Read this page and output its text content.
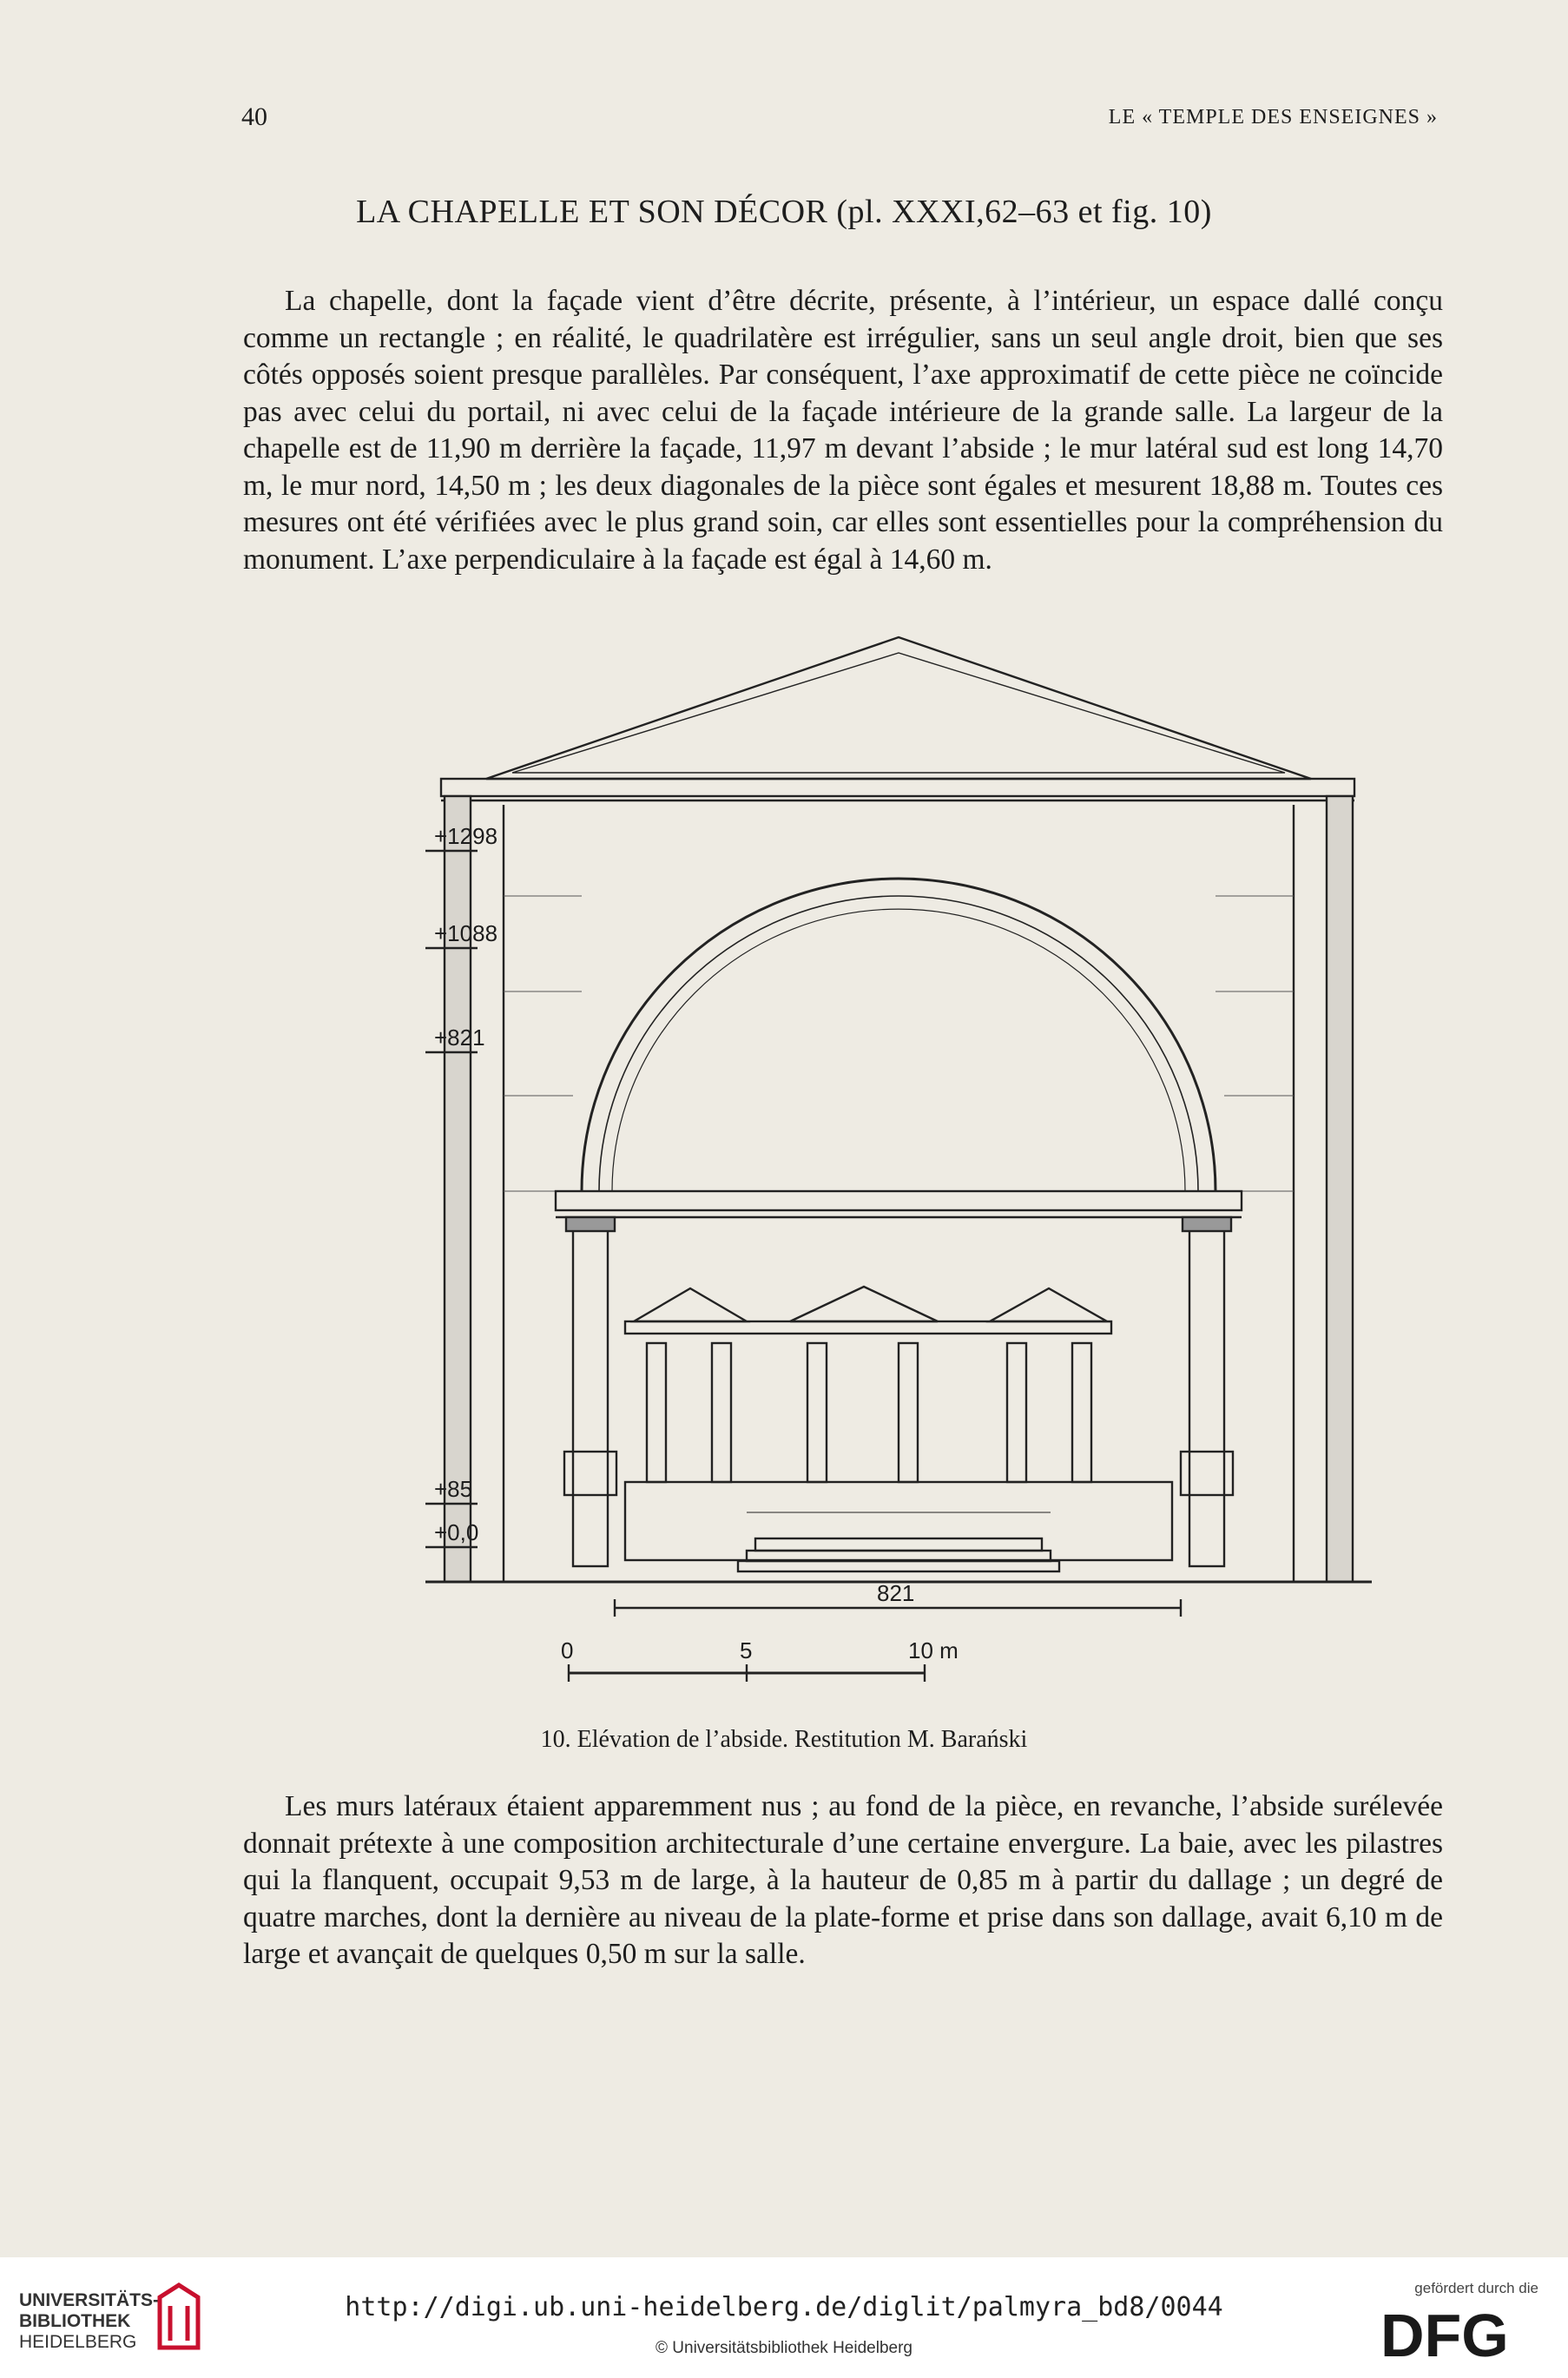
40	LE « TEMPLE DES ENSEIGNES »
LA CHAPELLE ET SON DÉCOR (pl. XXXI,62–63 et fig. 10)

La chapelle, dont la façade vient d’être décrite, présente, à l’intérieur, un espace dallé conçu comme un rectangle ; en réalité, le quadrilatère est irrégulier, sans un seul angle droit, bien que ses côtés opposés soient presque parallèles. Par conséquent, l’axe approximatif de cette pièce ne coïncide pas avec celui du portail, ni avec celui de la façade intérieure de la grande salle. La largeur de la chapelle est de 11,90 m derrière la façade, 11,97 m devant l’abside ; le mur latéral sud est long 14,70 m, le mur nord, 14,50 m ; les deux diagonales de la pièce sont égales et mesurent 18,88 m. Toutes ces mesures ont été vérifiées avec le plus grand soin, car elles sont essentielles pour la compréhension du monument. L’axe perpendiculaire à la façade est égal à 14,60 m.

+1298
+1088
+821
+85
+0,0
821
0	5	10 m
10. Elévation de l’abside. Restitution M. Barański

Les murs latéraux étaient apparemment nus ; au fond de la pièce, en revanche, l’abside surélevée donnait prétexte à une composition architecturale d’une certaine envergure. La baie, avec les pilastres qui la flanquent, occupait 9,53 m de large, à la hauteur de 0,85 m à partir du dallage ; un degré de quatre marches, dont la dernière au niveau de la plate-forme et prise dans son dallage, avait 6,10 m de large et avançait de quelques 0,50 m sur la salle.

UNIVERSITÄTS-
BIBLIOTHEK
HEIDELBERG
http://digi.ub.uni-heidelberg.de/diglit/palmyra_bd8/0044
© Universitätsbibliothek Heidelberg
gefördert durch die
DFG
